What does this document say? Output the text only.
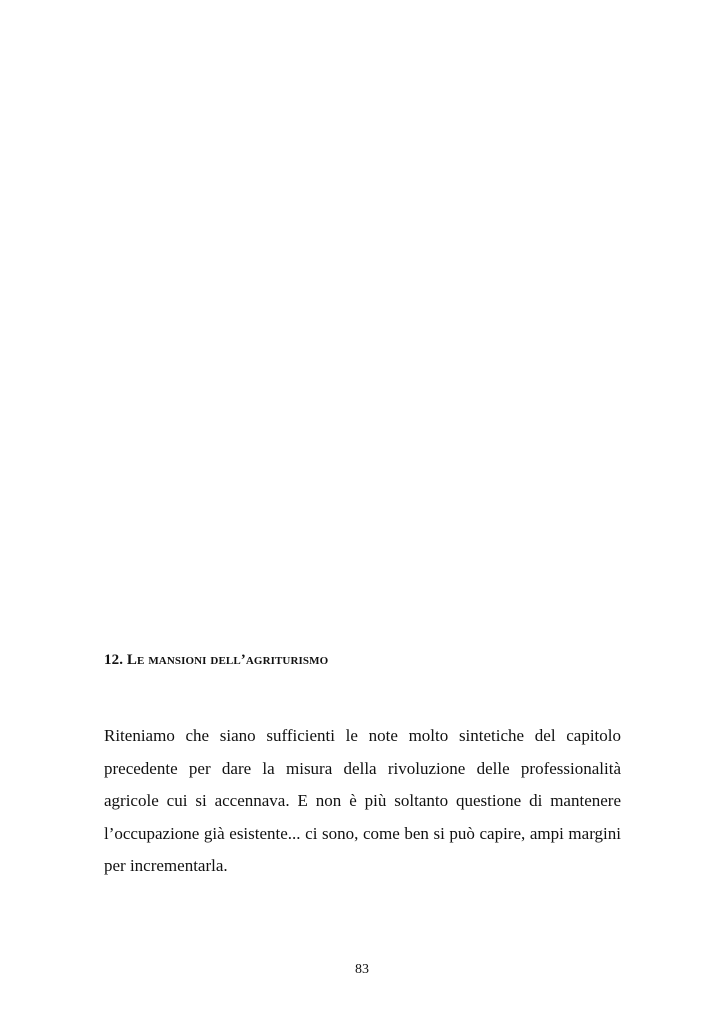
12. Le mansioni dell’agriturismo

Riteniamo che siano sufficienti le note molto sintetiche del capitolo precedente per dare la misura della rivoluzione delle professionalità agricole cui si accennava. E non è più soltanto questione di mantenere l’occupazione già esistente... ci sono, come ben si può capire, ampi margini per incrementarla.

83
